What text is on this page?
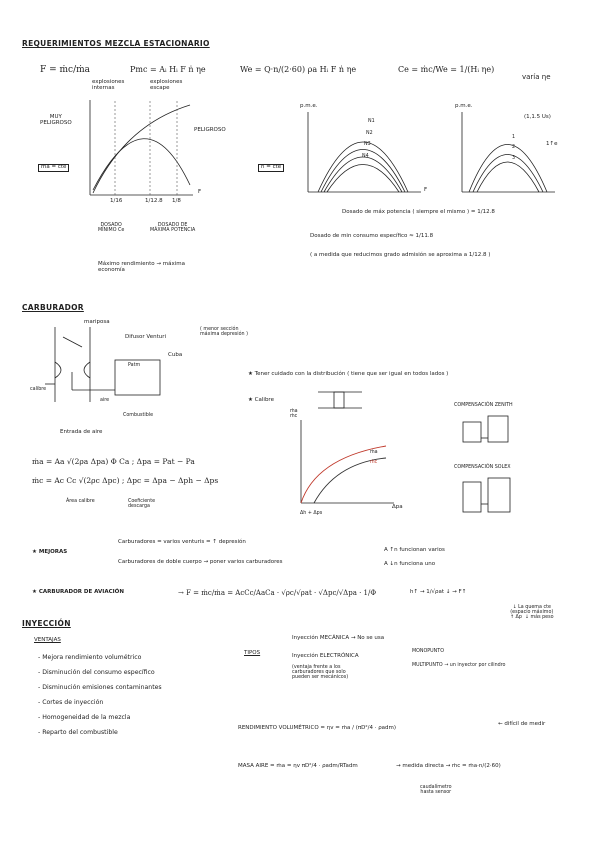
REQUERIMIENTOS MEZCLA ESTACIONARIO
F = ṁc/ṁa	Pmc = Aᵢ Hᵢ F ṅ ηe	We = Q·n/(2·60) ρa Hᵢ F ṅ ηe	Ce = ṁc/We = 1/(Hᵢ ηe)
varía ηe
explosiones
internas
explosiones
escape
MUY
PELIGROSO
PELIGROSO
ṁa = cte
1/16	1/12.8 1/8
F
DOSADO
MÍNIMO Ce
DOSADO DE
MÁXIMA POTENCIA
Máximo rendimiento → máxima
economía
p.m.e.
F
n = cte
N1
N2
N3
N4
p.m.e.
(1,1.5 Us)
1
2
3
1↑e
Dosado de máx potencia ( siempre el mismo ) = 1/12.8
Dosado de min consumo específico ≈ 1/11.8
( a medida que reducimos grado admisión se aproxima a 1/12.8 )
CARBURADOR
mariposa
Difusor Venturi
( menor sección
máxima depresión )
Cuba
Patm
calibre
aire
Combustible
Entrada de aire
ṁa = Aa √(2ρa Δpa) Φ Ca ; Δpa = Pat − Pa
ṁc = Ac Cc √(2ρc Δpc) ; Δpc = Δpa − Δph − Δps
Área calibre	Coeficiente
descarga
★ Tener cuidado con la distribución ( tiene que ser igual en todos lados )
★ Calibre
COMPENSACIÓN ZENITH
COMPENSACIÓN SOLEX
ṁa
ṁc
Δpa
Δh + Δps
ṁa
ṁc
★ MEJORAS
Carburadores = varios venturis = ↑ depresión
Carburadores de doble cuerpo → poner varios carburadores
A ↑n funcionan varios
A ↓n funciona uno
★ CARBURADOR DE AVIACIÓN	→ F = ṁc/ṁa = AcCc/AaCa · √ρc/√ρat · √Δpc/√Δpa · 1/Φ	h↑ → 1/√ρat ↓ → F↑
↓ La quema cte
(espacio máximo)
↑ Δp  ↓ más peso
INYECCIÓN
VENTAJAS
- Mejora rendimiento volumétrico
- Disminución del consumo específico
- Disminución emisiones contaminantes
- Cortes de inyección
- Homogeneidad de la mezcla
- Reparto del combustible
TIPOS
Inyección MECÁNICA → No se usa
Inyección ELECTRÓNICA
(ventaja frente a los
carburadores que solo
pueden ser mecánicos)
MONOPUNTO
MULTIPUNTO → un inyector por cilindro
RENDIMIENTO VOLUMÉTRICO = ηv = ṁa / (πD²/4 · ρadm)
← difícil de medir
MASA AIRE = ṁa = ηv πD²/4 · ρadm/RTadm	→ medida directa → ṁc = ṁa·n/(2·60)
caudalímetro
hasta sensor
